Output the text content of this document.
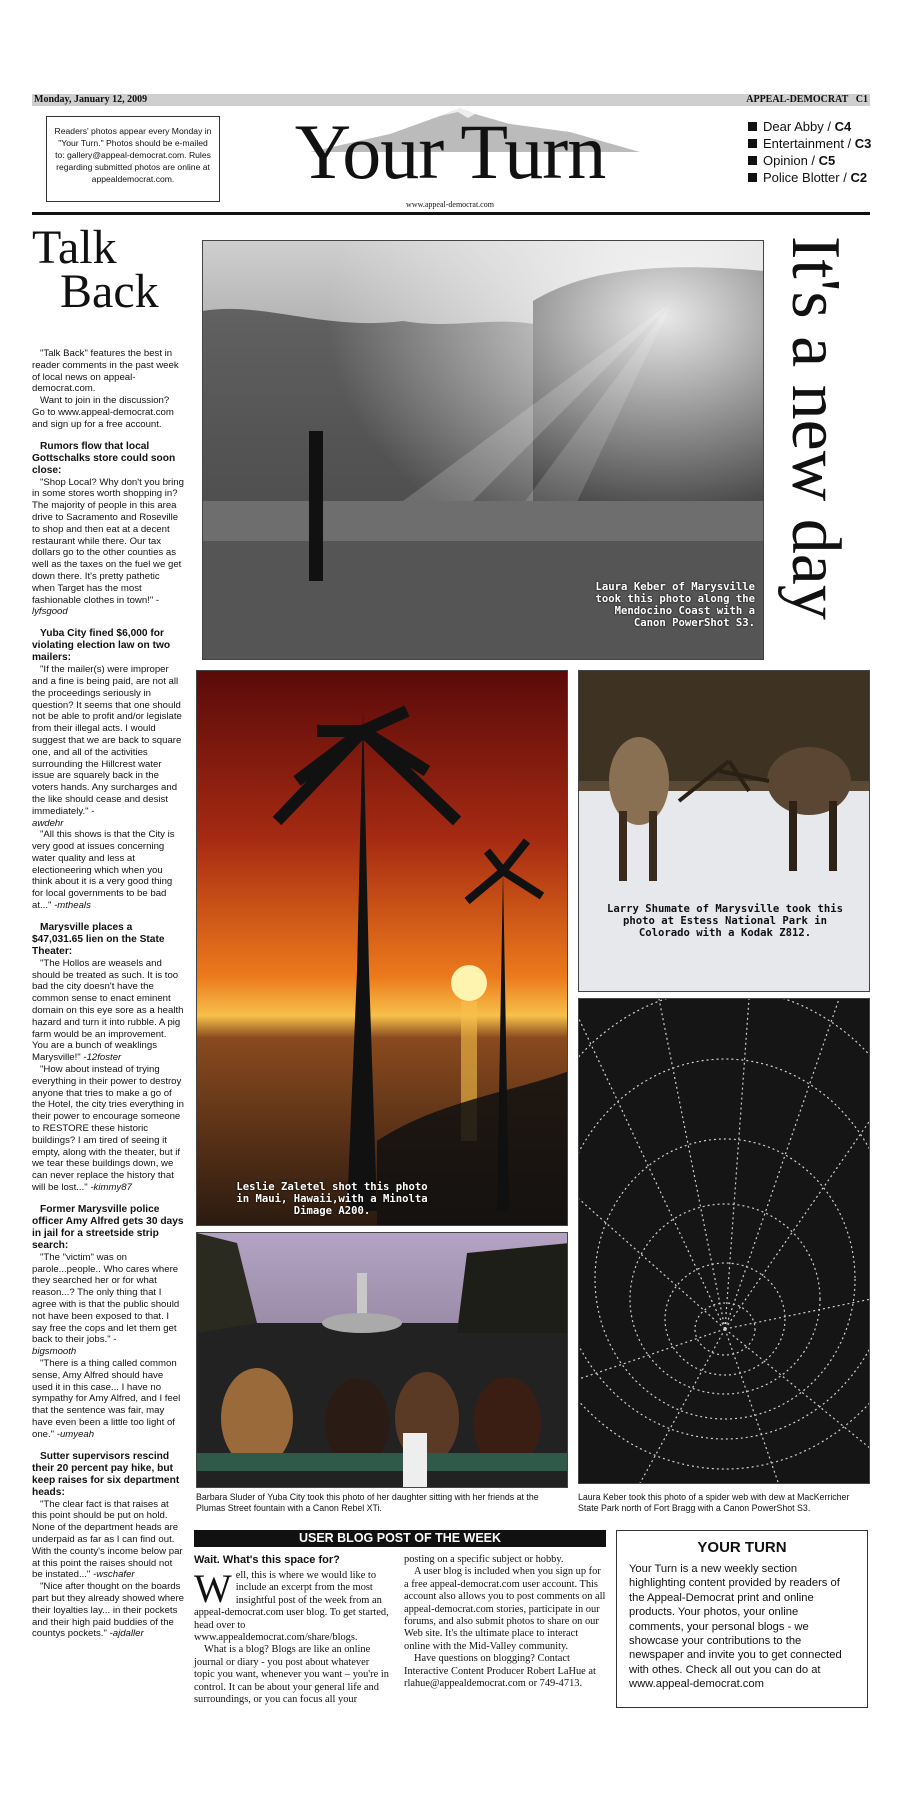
Monday, January 12, 2009	APPEAL-DEMOCRAT C1
Readers' photos appear every Monday in "Your Turn." Photos should be e-mailed to: gallery@appeal-democrat.com. Rules regarding submitted photos are online at appealdemocrat.com.	Your Turn
www.appeal-democrat.com
Dear Abby /
C4
Entertainment /
C3
Opinion /
C5
Police Blotter /
C2
Talk
Back

"Talk Back" features the best in reader comments in the past week of local news on appeal-democrat.com.

Want to join in the discussion? Go to www.appeal-democrat.com and sign up for a free account.

Rumors flow that local Gottschalks store could soon close:

"Shop Local? Why don't you bring in some stores worth shopping in? The majority of people in this area drive to Sacramento and Roseville to shop and then eat at a decent restaurant while there. Our tax dollars go to the other counties as well as the taxes on the fuel we get down there. It's pretty pathetic when Target has the most fashionable clothes in town!" -
lyfsgood

Yuba City fined $6,000 for violating election law on two mailers:

"If the mailer(s) were improper and a fine is being paid, are not all the proceedings seriously in question? It seems that one should not be able to profit and/or legislate from their illegal acts. I would suggest that we are back to square one, and all of the activities surrounding the Hillcrest water issue are squarely back in the voters hands. Any surcharges and the like should cease and desist immediately." -
awdehr

"All this shows is that the City is very good at issues concerning water quality and less at electioneering which when you think about it is a very good thing for local governments to be bad at..." -mtheals

Marysville places a $47,031.65 lien on the State Theater:

"The Hollos are weasels and should be treated as such. It is too bad the city doesn't have the common sense to enact eminent domain on this eye sore as a health hazard and turn it into rubble. A pig farm would be an improvement. You are a bunch of weaklings Marysville!" -12foster

"How about instead of trying everything in their power to destroy anyone that tries to make a go of the Hotel, the city tries everything in their power to encourage someone to RESTORE these historic buildings? I am tired of seeing it empty, along with the theater, but if we tear these buildings down, we can never replace the history that will be lost..." -kimmy87

Former Marysville police officer Amy Alfred gets 30 days in jail for a streetside strip search:

"The "victim" was on parole...people.. Who cares where they searched her or for what reason...? The only thing that I agree with is that the public should not have been exposed to that. I say free the cops and let them get back to their jobs." -
bigsmooth

"There is a thing called common sense, Amy Alfred should have used it in this case... I have no sympathy for Amy Alfred, and I feel that the sentence was fair, may have even been a little too light of one." -umyeah

Sutter supervisors rescind their 20 percent pay hike, but keep raises for six department heads:

"The clear fact is that raises at this point should be put on hold. None of the department heads are underpaid as far as I can find out. With the county's income below par at this point the raises should not be instated..." -wschafer

"Nice after thought on the boards part but they already showed where their loyalties lay... in their pockets and their high paid buddies of the countys pockets." -ajdaller

Laura Keber of Marysville took this photo along the Mendocino Coast with a Canon PowerShot S3.
It's a new day
Leslie Zaletel shot this photo in Maui, Hawaii,with a Minolta Dimage A200.
Larry Shumate of Marysville took this photo at Estess National Park in Colorado with a Kodak Z812.
Barbara Sluder of Yuba City took this photo of her daughter sitting with her friends at the Plumas Street fountain with a Canon Rebel XTi.
Laura Keber took this photo of a spider web with dew at MacKerricher State Park north of Fort Bragg with a Canon PowerShot S3.
USER BLOG POST OF THE WEEK
Wait. What's this space for?

Well, this is where we would like to include an excerpt from the most insightful post of the week from an appeal-democrat.com user blog. To get started, head over to www.appealdemocrat.com/share/blogs.

What is a blog? Blogs are like an online journal or diary - you post about whatever topic you want, whenever you want – you're in control. It can be about your general life and surroundings, or you can focus all your

posting on a specific subject or hobby.

A user blog is included when you sign up for a free appeal-democrat.com user account. This account also allows you to post comments on all appeal-democrat.com stories, participate in our forums, and also submit photos to share on our Web site. It's the ultimate place to interact online with the Mid-Valley community.

Have questions on blogging? Contact Interactive Content Producer Robert LaHue at rlahue@appealdemocrat.com or 749-4713.

YOUR TURN
Your Turn is a new weekly section highlighting content provided by readers of the Appeal-Democrat print and online products. Your photos, your online comments, your personal blogs - we showcase your contributions to the newspaper and invite you to get connected with othes. Check all out you can do at www.appeal-democrat.com
